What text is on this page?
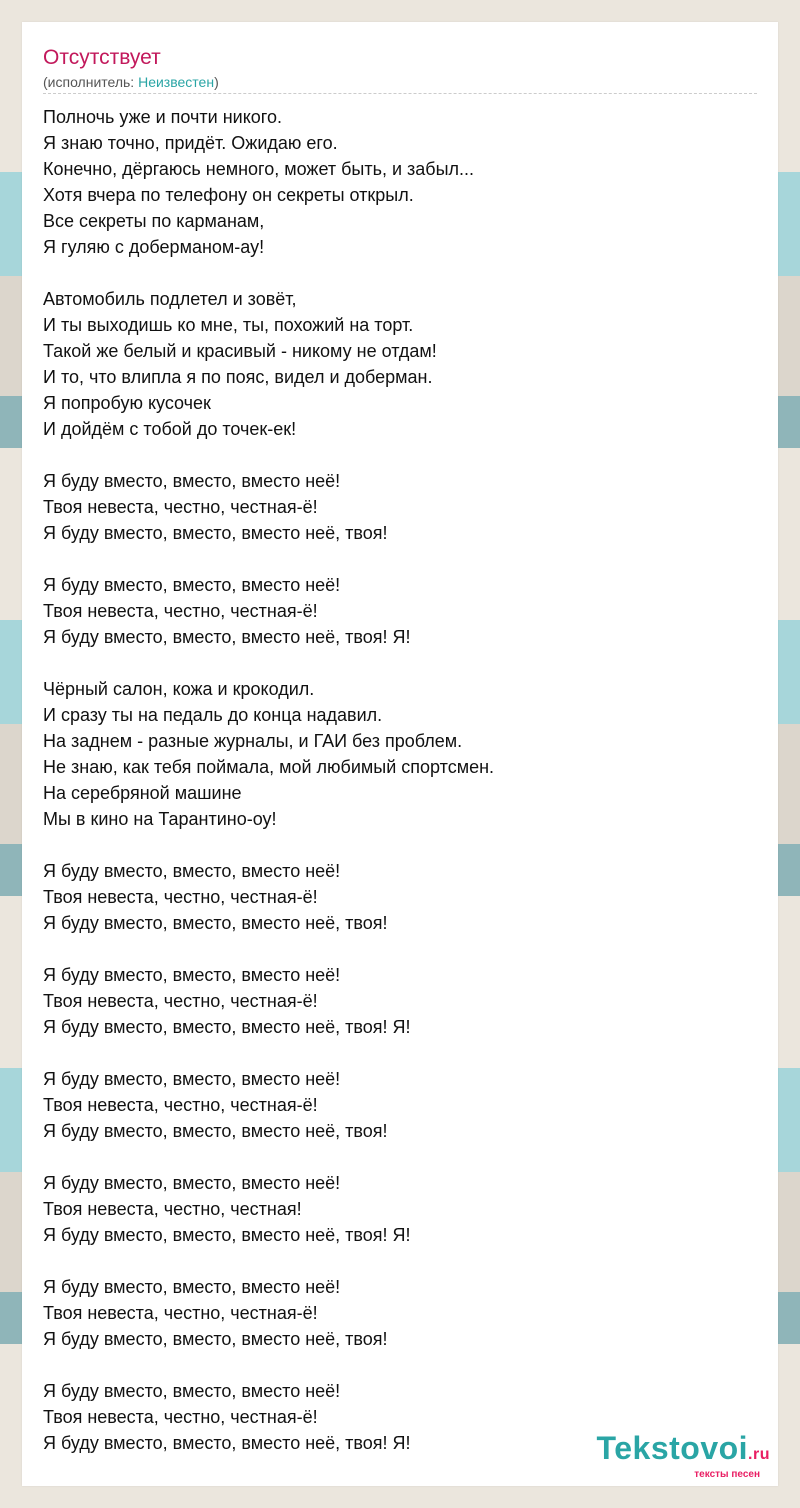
Отсутствует
(исполнитель: Неизвестен)
Полночь уже и почти никого.
Я знаю точно, придёт. Ожидаю его.
Конечно, дёргаюсь немного, может быть, и забыл...
Хотя вчера по телефону он секреты открыл.
Все секреты по карманам,
Я гуляю с доберманом-ау!
Автомобиль подлетел и зовёт,
И ты выходишь ко мне, ты, похожий на торт.
Такой же белый и красивый - никому не отдам!
И то, что влипла я по пояс, видел и доберман.
Я попробую кусочек
И дойдём с тобой до точек-ек!
Я буду вместо, вместо, вместо неё!
Твоя невеста, честно, честная-ё!
Я буду вместо, вместо, вместо неё, твоя!
Я буду вместо, вместо, вместо неё!
Твоя невеста, честно, честная-ё!
Я буду вместо, вместо, вместо неё, твоя! Я!
Чёрный салон, кожа и крокодил.
И сразу ты на педаль до конца надавил.
На заднем - разные журналы, и ГАИ без проблем.
Не знаю, как тебя поймала, мой любимый спортсмен.
На серебряной машине
Мы в кино на Тарантино-оу!
Я буду вместо, вместо, вместо неё!
Твоя невеста, честно, честная-ё!
Я буду вместо, вместо, вместо неё, твоя!
Я буду вместо, вместо, вместо неё!
Твоя невеста, честно, честная-ё!
Я буду вместо, вместо, вместо неё, твоя! Я!
Я буду вместо, вместо, вместо неё!
Твоя невеста, честно, честная-ё!
Я буду вместо, вместо, вместо неё, твоя!
Я буду вместо, вместо, вместо неё!
Твоя невеста, честно, честная!
Я буду вместо, вместо, вместо неё, твоя! Я!
Я буду вместо, вместо, вместо неё!
Твоя невеста, честно, честная-ё!
Я буду вместо, вместо, вместо неё, твоя!
Я буду вместо, вместо, вместо неё!
Твоя невеста, честно, честная-ё!
Я буду вместо, вместо, вместо неё, твоя! Я!	Tekstovoi.ru
тексты песен
